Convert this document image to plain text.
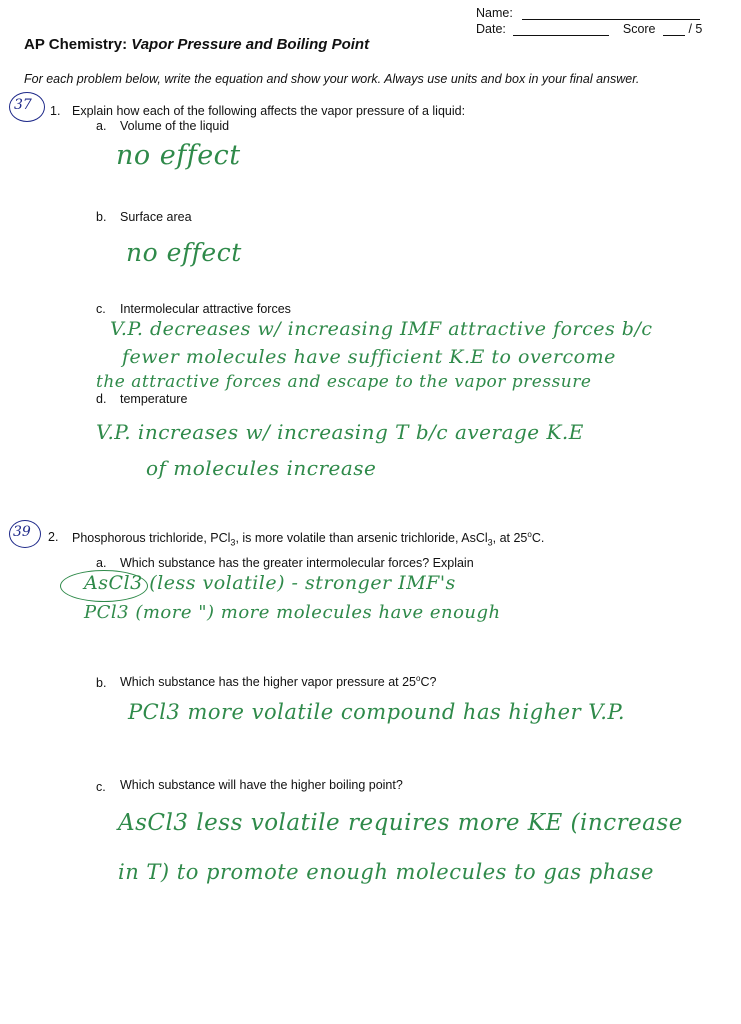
Name:
Date:	Score	/ 5
AP Chemistry: Vapor Pressure and Boiling Point
For each problem below, write the equation and show your work. Always use units and box in your final answer.
37 1. Explain how each of the following affects the vapor pressure of a liquid:
a. Volume of the liquid
no effect
b. Surface area
no effect
c. Intermolecular attractive forces
V.P. decreases w/ increasing IMF attractive forces b/c
fewer molecules have sufficient K.E to overcome
the attractive forces and escape to the vapor pressure
d. temperature
V.P. increases w/ increasing T b/c average K.E
of molecules increase
39 2. Phosphorous trichloride, PCl$_3$, is more volatile than arsenic trichloride, AsCl$_3$, at 25$^o$C.
a. Which substance has the greater intermolecular forces? Explain
AsCl3 (less volatile) - stronger IMF's
PCl3 (more ") more molecules have enough
b. Which substance has the higher vapor pressure at 25$^o$C?
PCl3 more volatile compound has higher V.P.
c. Which substance will have the higher boiling point?
AsCl3 less volatile requires more KE (increase
in T) to promote enough molecules to gas phase
